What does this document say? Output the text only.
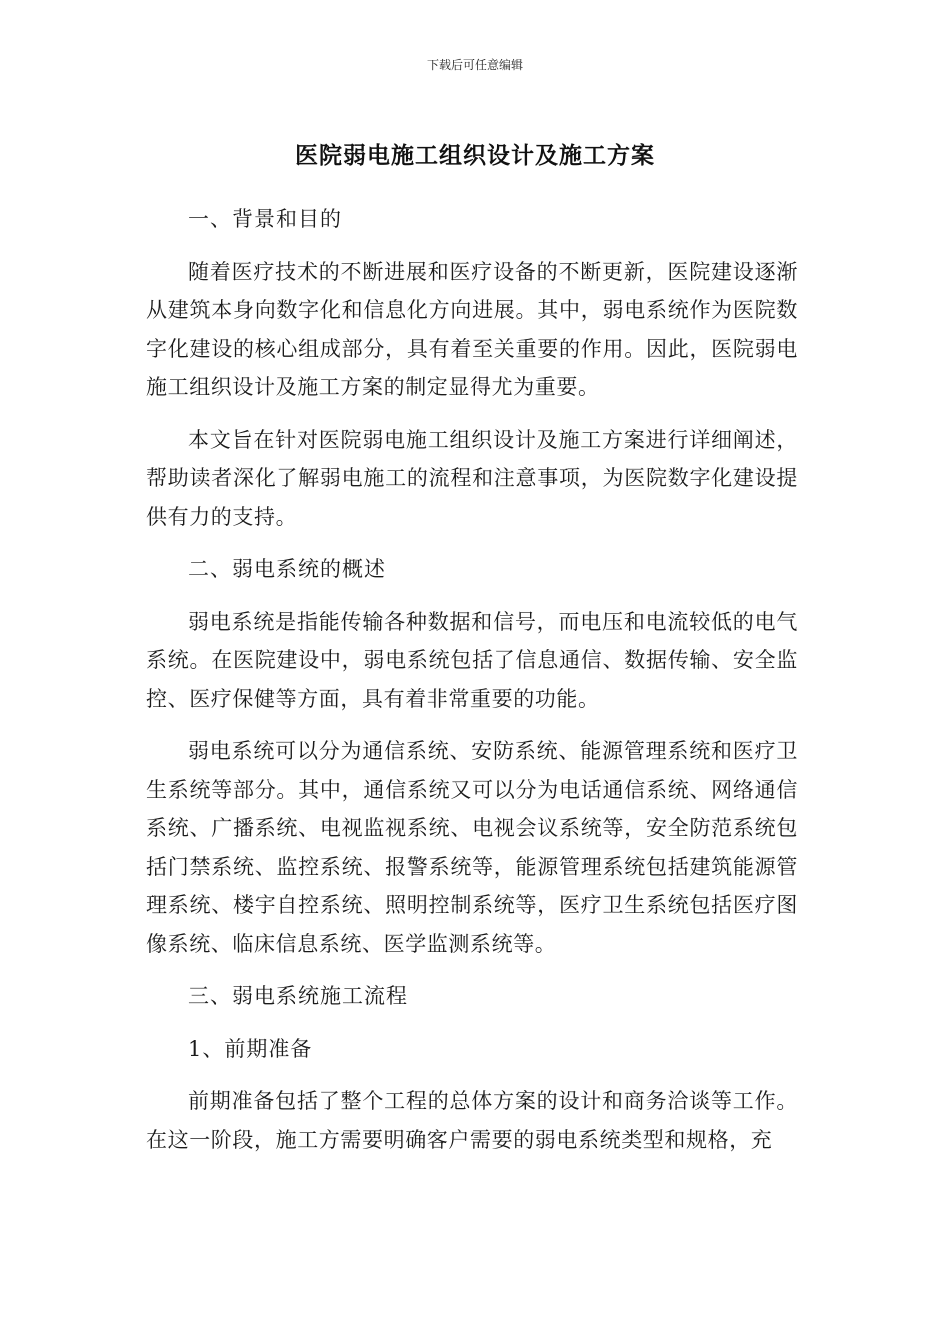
下载后可任意编辑
医院弱电施工组织设计及施工方案

一、背景和目的

随着医疗技术的不断进展和医疗设备的不断更新，医院建设逐渐从建筑本身向数字化和信息化方向进展。其中，弱电系统作为医院数字化建设的核心组成部分，具有着至关重要的作用。因此，医院弱电施工组织设计及施工方案的制定显得尤为重要。

本文旨在针对医院弱电施工组织设计及施工方案进行详细阐述，帮助读者深化了解弱电施工的流程和注意事项，为医院数字化建设提供有力的支持。

二、弱电系统的概述

弱电系统是指能传输各种数据和信号，而电压和电流较低的电气系统。在医院建设中，弱电系统包括了信息通信、数据传输、安全监控、医疗保健等方面，具有着非常重要的功能。

弱电系统可以分为通信系统、安防系统、能源管理系统和医疗卫生系统等部分。其中，通信系统又可以分为电话通信系统、网络通信系统、广播系统、电视监视系统、电视会议系统等，安全防范系统包括门禁系统、监控系统、报警系统等，能源管理系统包括建筑能源管理系统、楼宇自控系统、照明控制系统等，医疗卫生系统包括医疗图像系统、临床信息系统、医学监测系统等。

三、弱电系统施工流程

1、前期准备

前期准备包括了整个工程的总体方案的设计和商务洽谈等工作。在这一阶段，施工方需要明确客户需要的弱电系统类型和规格，充
